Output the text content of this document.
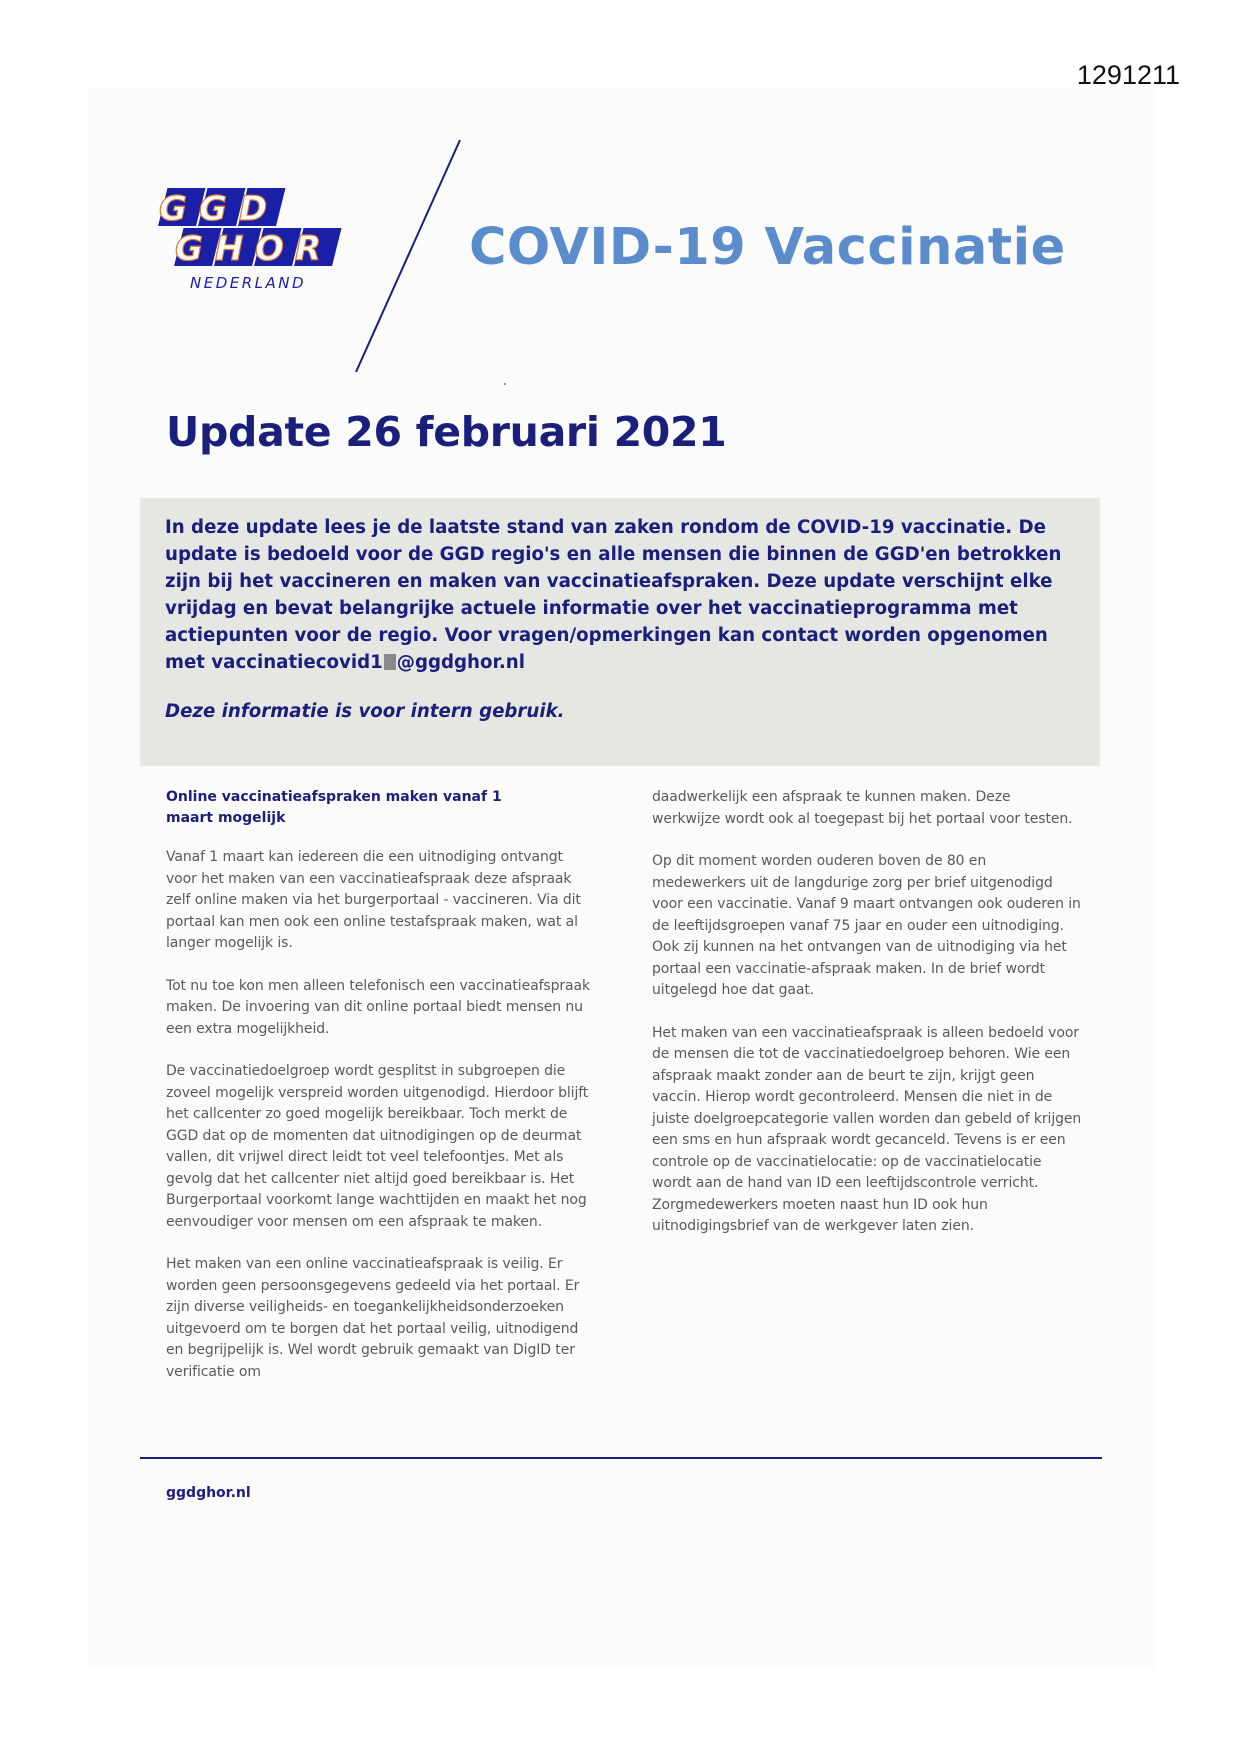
1291211
G G D
G H O R
NEDERLAND
COVID-19 Vaccinatie
Update 26 februari 2021

In deze update lees je de laatste stand van zaken rondom de COVID-19 vaccinatie. De update is bedoeld voor de GGD regio's en alle mensen die binnen de GGD'en betrokken zijn bij het vaccineren en maken van vaccinatieafspraken. Deze update verschijnt elke vrijdag en bevat belangrijke actuele informatie over het vaccinatieprogramma met actiepunten voor de regio. Voor vragen/opmerkingen kan contact worden opgenomen met vaccinatiecovid1 @ggdghor.nl

Deze informatie is voor intern gebruik.

Online vaccinatieafspraken maken vanaf 1 maart mogelijk

Vanaf 1 maart kan iedereen die een uitnodiging ontvangt voor het maken van een vaccinatieafspraak deze afspraak zelf online maken via het burgerportaal - vaccineren. Via dit portaal kan men ook een online testafspraak maken, wat al langer mogelijk is.

Tot nu toe kon men alleen telefonisch een vaccinatieafspraak maken. De invoering van dit online portaal biedt mensen nu een extra mogelijkheid.

De vaccinatiedoelgroep wordt gesplitst in subgroepen die zoveel mogelijk verspreid worden uitgenodigd. Hierdoor blijft het callcenter zo goed mogelijk bereikbaar. Toch merkt de GGD dat op de momenten dat uitnodigingen op de deurmat vallen, dit vrijwel direct leidt tot veel telefoontjes. Met als gevolg dat het callcenter niet altijd goed bereikbaar is. Het Burgerportaal voorkomt lange wachttijden en maakt het nog eenvoudiger voor mensen om een afspraak te maken.

Het maken van een online vaccinatieafspraak is veilig. Er worden geen persoonsgegevens gedeeld via het portaal. Er zijn diverse veiligheids- en toegankelijkheidsonderzoeken uitgevoerd om te borgen dat het portaal veilig, uitnodigend en begrijpelijk is. Wel wordt gebruik gemaakt van DigID ter verificatie om

daadwerkelijk een afspraak te kunnen maken. Deze werkwijze wordt ook al toegepast bij het portaal voor testen.

Op dit moment worden ouderen boven de 80 en medewerkers uit de langdurige zorg per brief uitgenodigd voor een vaccinatie. Vanaf 9 maart ontvangen ook ouderen in de leeftijdsgroepen vanaf 75 jaar en ouder een uitnodiging. Ook zij kunnen na het ontvangen van de uitnodiging via het portaal een vaccinatie-afspraak maken. In de brief wordt uitgelegd hoe dat gaat.

Het maken van een vaccinatieafspraak is alleen bedoeld voor de mensen die tot de vaccinatiedoelgroep behoren. Wie een afspraak maakt zonder aan de beurt te zijn, krijgt geen vaccin. Hierop wordt gecontroleerd. Mensen die niet in de juiste doelgroepcategorie vallen worden dan gebeld of krijgen een sms en hun afspraak wordt gecanceld. Tevens is er een controle op de vaccinatielocatie: op de vaccinatielocatie wordt aan de hand van ID een leeftijdscontrole verricht. Zorgmedewerkers moeten naast hun ID ook hun uitnodigingsbrief van de werkgever laten zien.

ggdghor.nl
